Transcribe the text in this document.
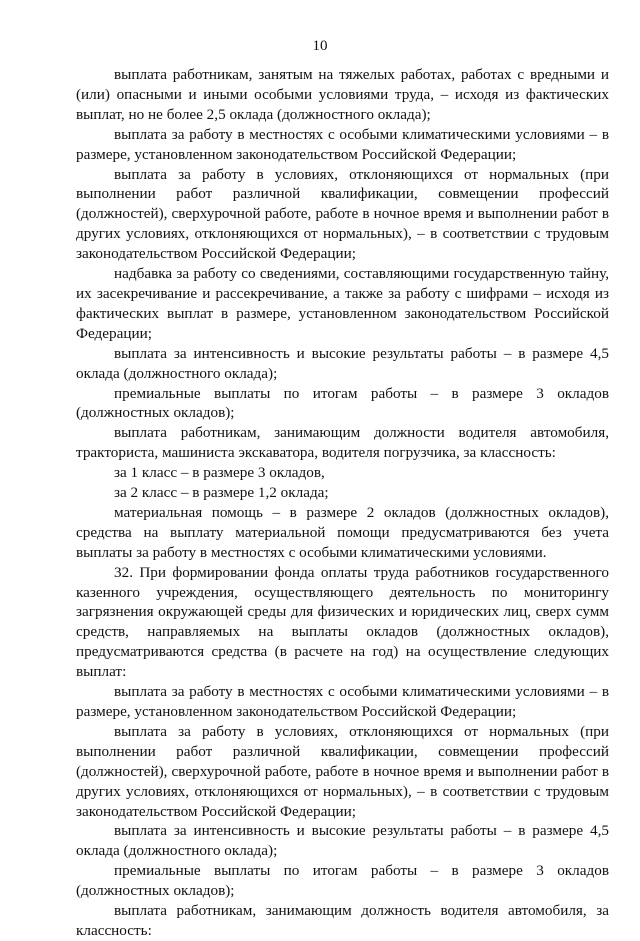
10

выплата работникам, занятым на тяжелых работах, работах с вредными и (или) опасными и иными особыми условиями труда, – исходя из фактических выплат, но не более 2,5 оклада (должностного оклада);

выплата за работу в местностях с особыми климатическими условиями – в размере, установленном законодательством Российской Федерации;

выплата за работу в условиях, отклоняющихся от нормальных (при выполнении работ различной квалификации, совмещении профессий (должностей), сверхурочной работе, работе в ночное время и выполнении работ в других условиях, отклоняющихся от нормальных), – в соответствии с трудовым законодательством Российской Федерации;

надбавка за работу со сведениями, составляющими государственную тайну, их засекречивание и рассекречивание, а также за работу с шифрами – исходя из фактических выплат в размере, установленном законодательством Российской Федерации;

выплата за интенсивность и высокие результаты работы – в размере 4,5 оклада (должностного оклада);

премиальные выплаты по итогам работы – в размере 3 окладов (должностных окладов);

выплата работникам, занимающим должности водителя автомобиля, тракториста, машиниста экскаватора, водителя погрузчика, за классность:

за 1 класс – в размере 3 окладов,

за 2 класс – в размере 1,2 оклада;

материальная помощь – в размере 2 окладов (должностных окладов), средства на выплату материальной помощи предусматриваются без учета выплаты за работу в местностях с особыми климатическими условиями.

32. При формировании фонда оплаты труда работников государственного казенного учреждения, осуществляющего деятельность по мониторингу загрязнения окружающей среды для физических и юридических лиц, сверх сумм средств, направляемых на выплаты окладов (должностных окладов), предусматриваются средства (в расчете на год) на осуществление следующих выплат:

выплата за работу в местностях с особыми климатическими условиями – в размере, установленном законодательством Российской Федерации;

выплата за работу в условиях, отклоняющихся от нормальных (при выполнении работ различной квалификации, совмещении профессий (должностей), сверхурочной работе, работе в ночное время и выполнении работ в других условиях, отклоняющихся от нормальных), – в соответствии с трудовым законодательством Российской Федерации;

выплата за интенсивность и высокие результаты работы – в размере 4,5 оклада (должностного оклада);

премиальные выплаты по итогам работы – в размере 3 окладов (должностных окладов);

выплата работникам, занимающим должность водителя автомобиля, за классность:
